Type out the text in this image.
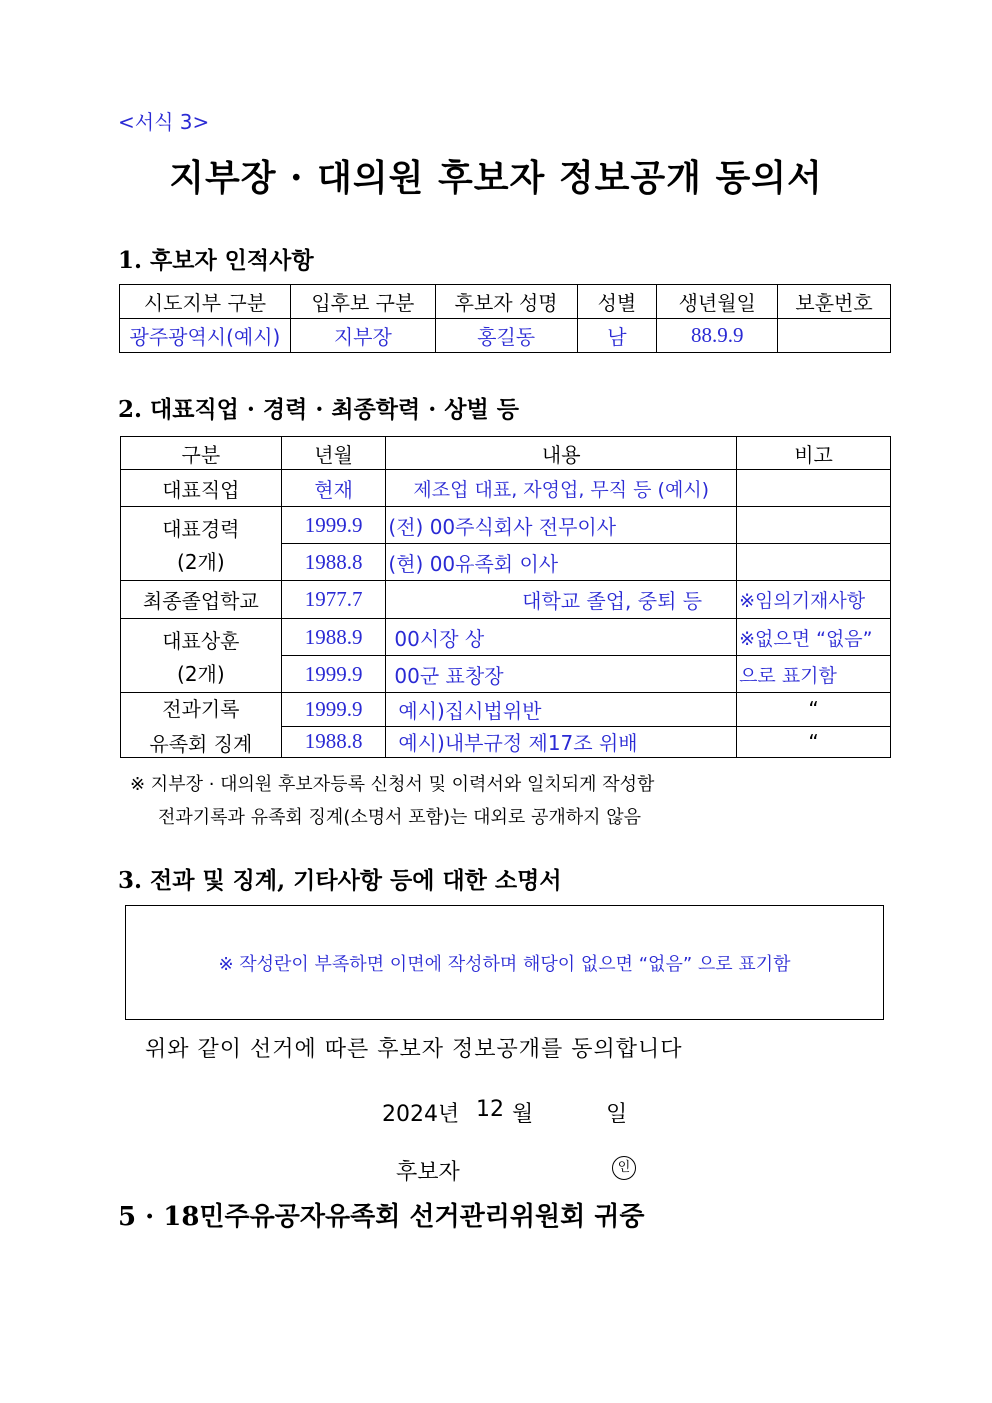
<서식 3>
지부장 · 대의원 후보자 정보공개 동의서
1. 후보자 인적사항
시도지부 구분	입후보 구분	후보자 성명	성별	생년월일	보훈번호
광주광역시(예시)	지부장	홍길동	남	88.9.9	
2. 대표직업 · 경력 · 최종학력 · 상벌 등
구분	년월	내용	비고
대표직업	현재	제조업 대표, 자영업, 무직 등 (예시)	

대표경력
(2개)	1999.9	(전) 00주식회사 전무이사	
	1988.8	(현) 00유족회 이사	
최종졸업학교	1977.7	대학교 졸업, 중퇴 등	※임의기재사항

대표상훈
(2개)	1988.9	00시장 상	※없으면 “없음”
	1999.9	00군 표창장	으로 표기함

전과기록
유족회 징계	1999.9	예시)집시법위반	“
	1988.8	예시)내부규정 제17조 위배	“
※ 지부장 · 대의원 후보자등록 신청서 및 이력서와 일치되게 작성함
전과기록과 유족회 징계(소명서 포함)는 대외로 공개하지 않음
3. 전과 및 징계, 기타사항 등에 대한 소명서
※ 작성란이 부족하면 이면에 작성하며 해당이 없으면 “없음” 으로 표기함
위와 같이 선거에 따른 후보자 정보공개를 동의합니다
2024년 12 월	일
후보자	인
5 · 18민주유공자유족회 선거관리위원회 귀중
